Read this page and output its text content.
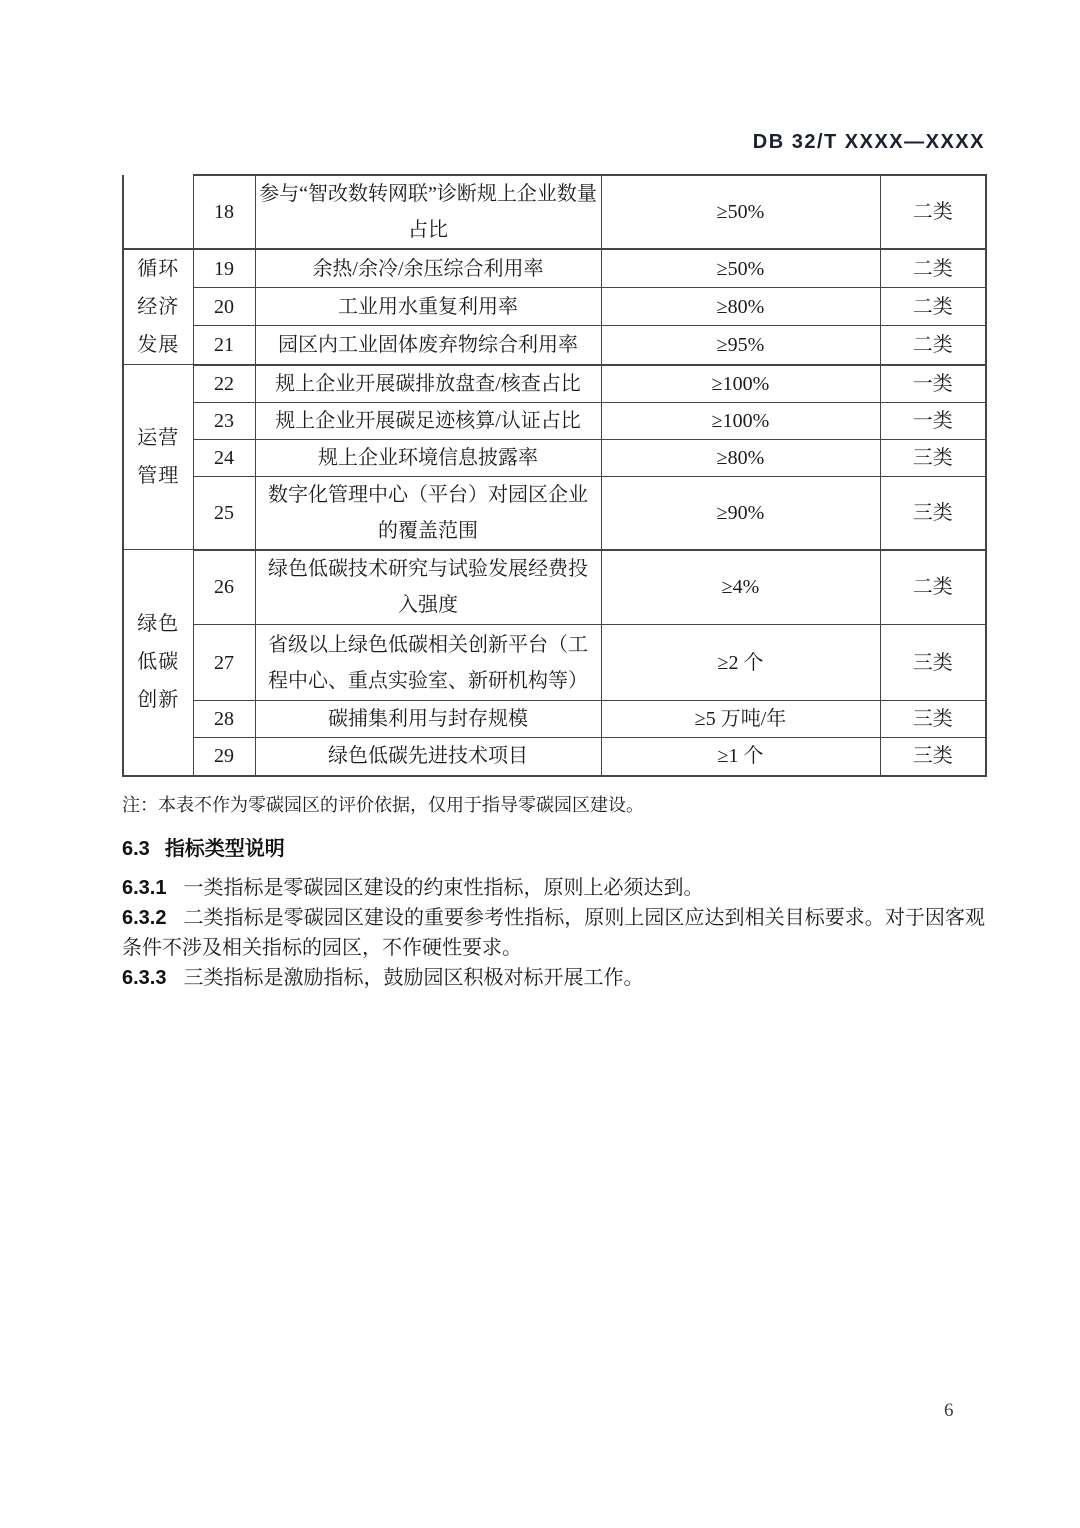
DB 32/T XXXX—XXXX
	18	参与“智改数转网联”诊断规上企业数量占比	≥50%	二类
循环经济发展	19	余热/余冷/余压综合利用率	≥50%	二类
	20	工业用水重复利用率	≥80%	二类
	21	园区内工业固体废弃物综合利用率	≥95%	二类
运营管理	22	规上企业开展碳排放盘查/核查占比	≥100%	一类
	23	规上企业开展碳足迹核算/认证占比	≥100%	一类
	24	规上企业环境信息披露率	≥80%	三类
	25	数字化管理中心（平台）对园区企业的覆盖范围	≥90%	三类
绿色低碳创新	26	绿色低碳技术研究与试验发展经费投入强度	≥4%	二类
	27	省级以上绿色低碳相关创新平台（工程中心、重点实验室、新研机构等）	≥2 个	三类
	28	碳捕集利用与封存规模	≥5 万吨/年	三类
	29	绿色低碳先进技术项目	≥1 个	三类
注：本表不作为零碳园区的评价依据，仅用于指导零碳园区建设。
6.3 指标类型说明

6.3.1 一类指标是零碳园区建设的约束性指标，原则上必须达到。

6.3.2 二类指标是零碳园区建设的重要参考性指标，原则上园区应达到相关目标要求。对于因客观条件不涉及相关指标的园区，不作硬性要求。

6.3.3 三类指标是激励指标，鼓励园区积极对标开展工作。

6
